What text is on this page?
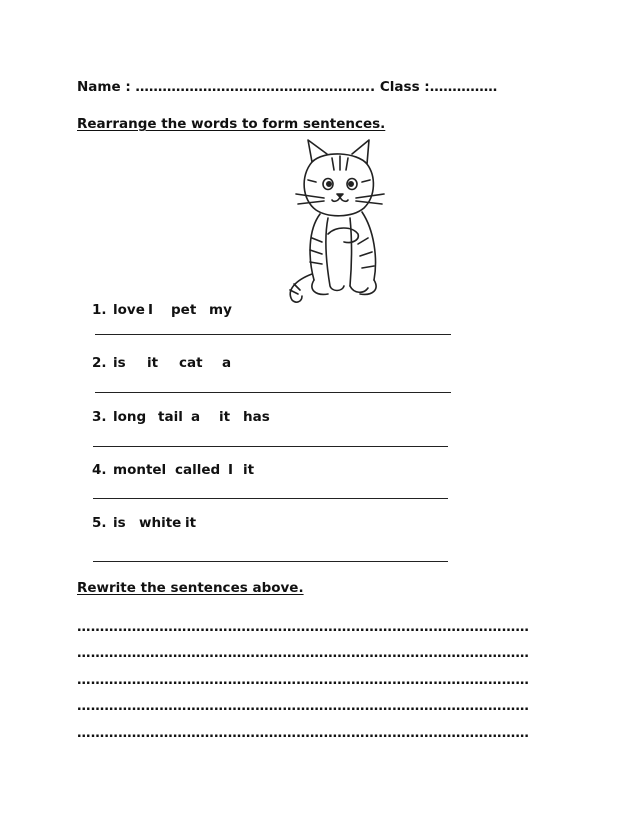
Name : …………………………………………….. Class :……………
Rearrange the words to form sentences.
1. love I pet my
2. is it cat a
3. long tail a it has
4. montel called I it
5. is white it
Rewrite the sentences above.
………………………………………………………………………………………
………………………………………………………………………………………
………………………………………………………………………………………
………………………………………………………………………………………
………………………………………………………………………………………
